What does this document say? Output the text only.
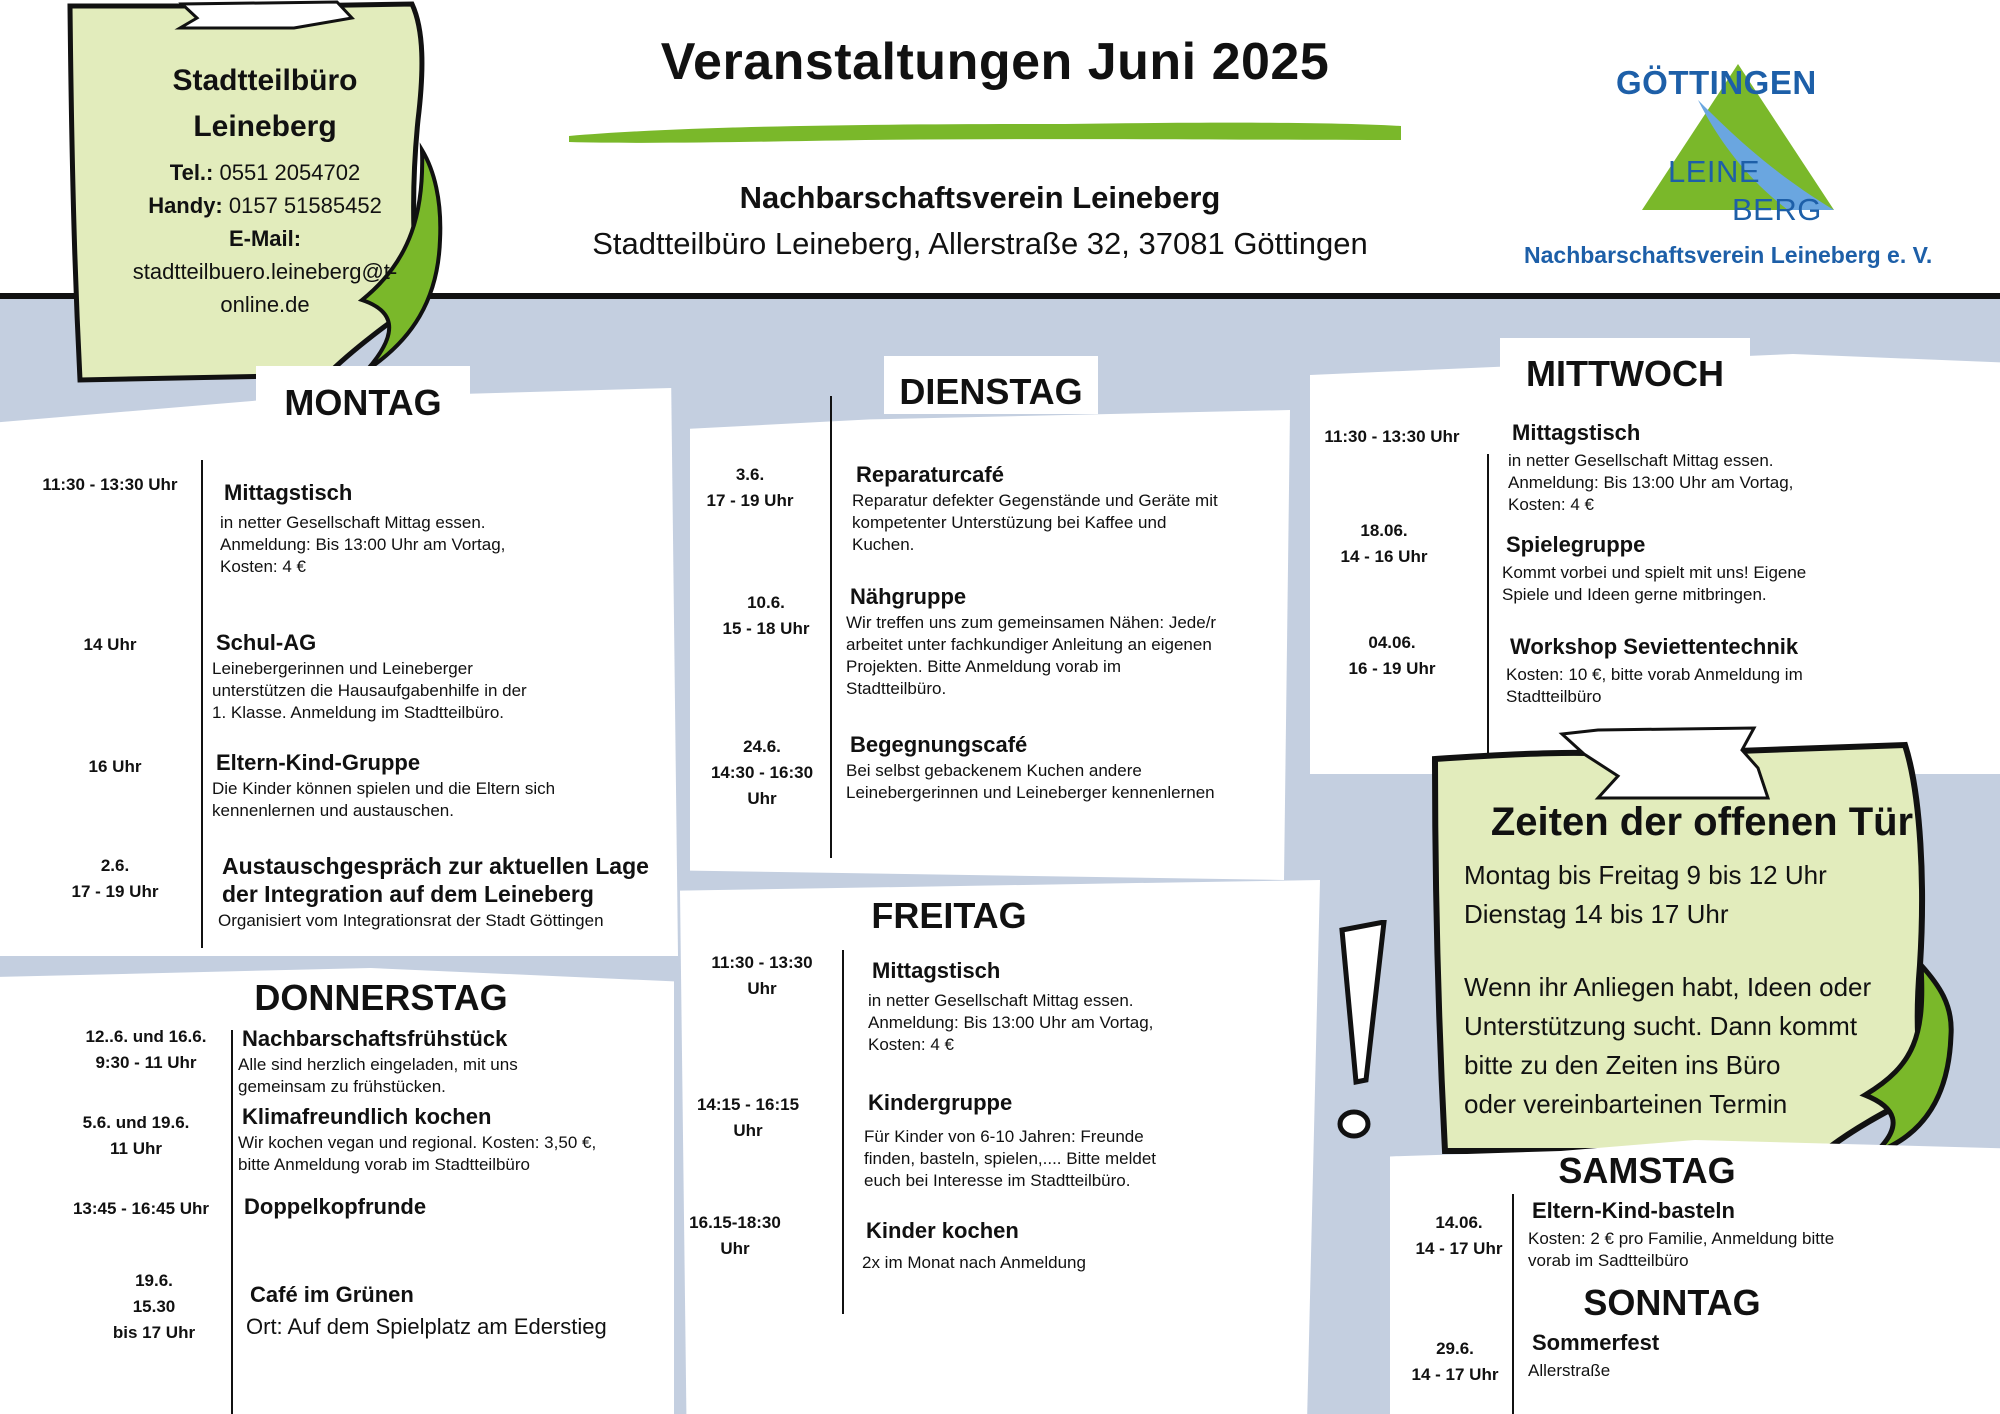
Veranstaltungen Juni 2025
Nachbarschaftsverein Leineberg
Stadtteilbüro Leineberg, Allerstraße 32, 37081 Göttingen
Stadtteilbüro
Leineberg
Tel.: 0551 2054702
Handy: 0157 51585452
E-Mail:
stadtteilbuero.leineberg@t-
online.de
GÖTTINGEN
LEINE
BERG
Nachbarschaftsverein Leineberg e. V.
MONTAG
11:30 - 13:30 Uhr	Mittagstisch
in netter Gesellschaft Mittag essen.
Anmeldung: Bis 13:00 Uhr am Vortag,
Kosten: 4 €
14 Uhr	Schul-AG
Leinebergerinnen und Leineberger
unterstützen die Hausaufgabenhilfe in der
1. Klasse. Anmeldung im Stadtteilbüro.
16 Uhr	Eltern-Kind-Gruppe
Die Kinder können spielen und die Eltern sich
kennenlernen und austauschen.
2.6.
17 - 19 Uhr
Austauschgespräch zur aktuellen Lage
der Integration auf dem Leineberg
Organisiert vom Integrationsrat der Stadt Göttingen
DONNERSTAG
12..6. und 16.6.
9:30 - 11 Uhr
Nachbarschaftsfrühstück
Alle sind herzlich eingeladen, mit uns
gemeinsam zu frühstücken.
5.6. und 19.6.
11 Uhr
Klimafreundlich kochen
Wir kochen vegan und regional. Kosten: 3,50 €,
bitte Anmeldung vorab im Stadtteilbüro
13:45 - 16:45 Uhr	Doppelkopfrunde
19.6.
15.30
bis 17 Uhr
Café im Grünen
Ort: Auf dem Spielplatz am Ederstieg
DIENSTAG
3.6.
17 - 19 Uhr
Reparaturcafé
Reparatur defekter Gegenstände und Geräte mit
kompetenter Unterstüzung bei Kaffee und
Kuchen.
10.6.
15 - 18 Uhr
Nähgruppe
Wir treffen uns zum gemeinsamen Nähen: Jede/r
arbeitet unter fachkundiger Anleitung an eigenen
Projekten. Bitte Anmeldung vorab im
Stadtteilbüro.
24.6.
14:30 - 16:30
Uhr
Begegnungscafé
Bei selbst gebackenem Kuchen andere
Leinebergerinnen und Leineberger kennenlernen
FREITAG
11:30 - 13:30
Uhr
Mittagstisch
in netter Gesellschaft Mittag essen.
Anmeldung: Bis 13:00 Uhr am Vortag,
Kosten: 4 €
14:15 - 16:15
Uhr
Kindergruppe
Für Kinder von 6-10 Jahren: Freunde
finden, basteln, spielen,.... Bitte meldet
euch bei Interesse im Stadtteilbüro.
16.15-18:30
Uhr
Kinder kochen
2x im Monat nach Anmeldung
MITTWOCH
11:30 - 13:30 Uhr	Mittagstisch
in netter Gesellschaft Mittag essen.
Anmeldung: Bis 13:00 Uhr am Vortag,
Kosten: 4 €
18.06.
14 - 16 Uhr	Spielegruppe
Kommt vorbei und spielt mit uns! Eigene
Spiele und Ideen gerne mitbringen.
04.06.
16 - 19 Uhr
Workshop Seviettentechnik
Kosten: 10 €, bitte vorab Anmeldung im
Stadtteilbüro
Zeiten der offenen Tür
Montag bis Freitag 9 bis 12 Uhr
Dienstag 14 bis 17 Uhr
Wenn ihr Anliegen habt, Ideen oder
Unterstützung sucht. Dann kommt
bitte zu den Zeiten ins Büro
oder vereinbarteinen Termin
SAMSTAG
14.06.
14 - 17 Uhr
Eltern-Kind-basteln
Kosten: 2 € pro Familie, Anmeldung bitte
vorab im Sadtteilbüro
SONNTAG
29.6.
14 - 17 Uhr
Sommerfest
Allerstraße
